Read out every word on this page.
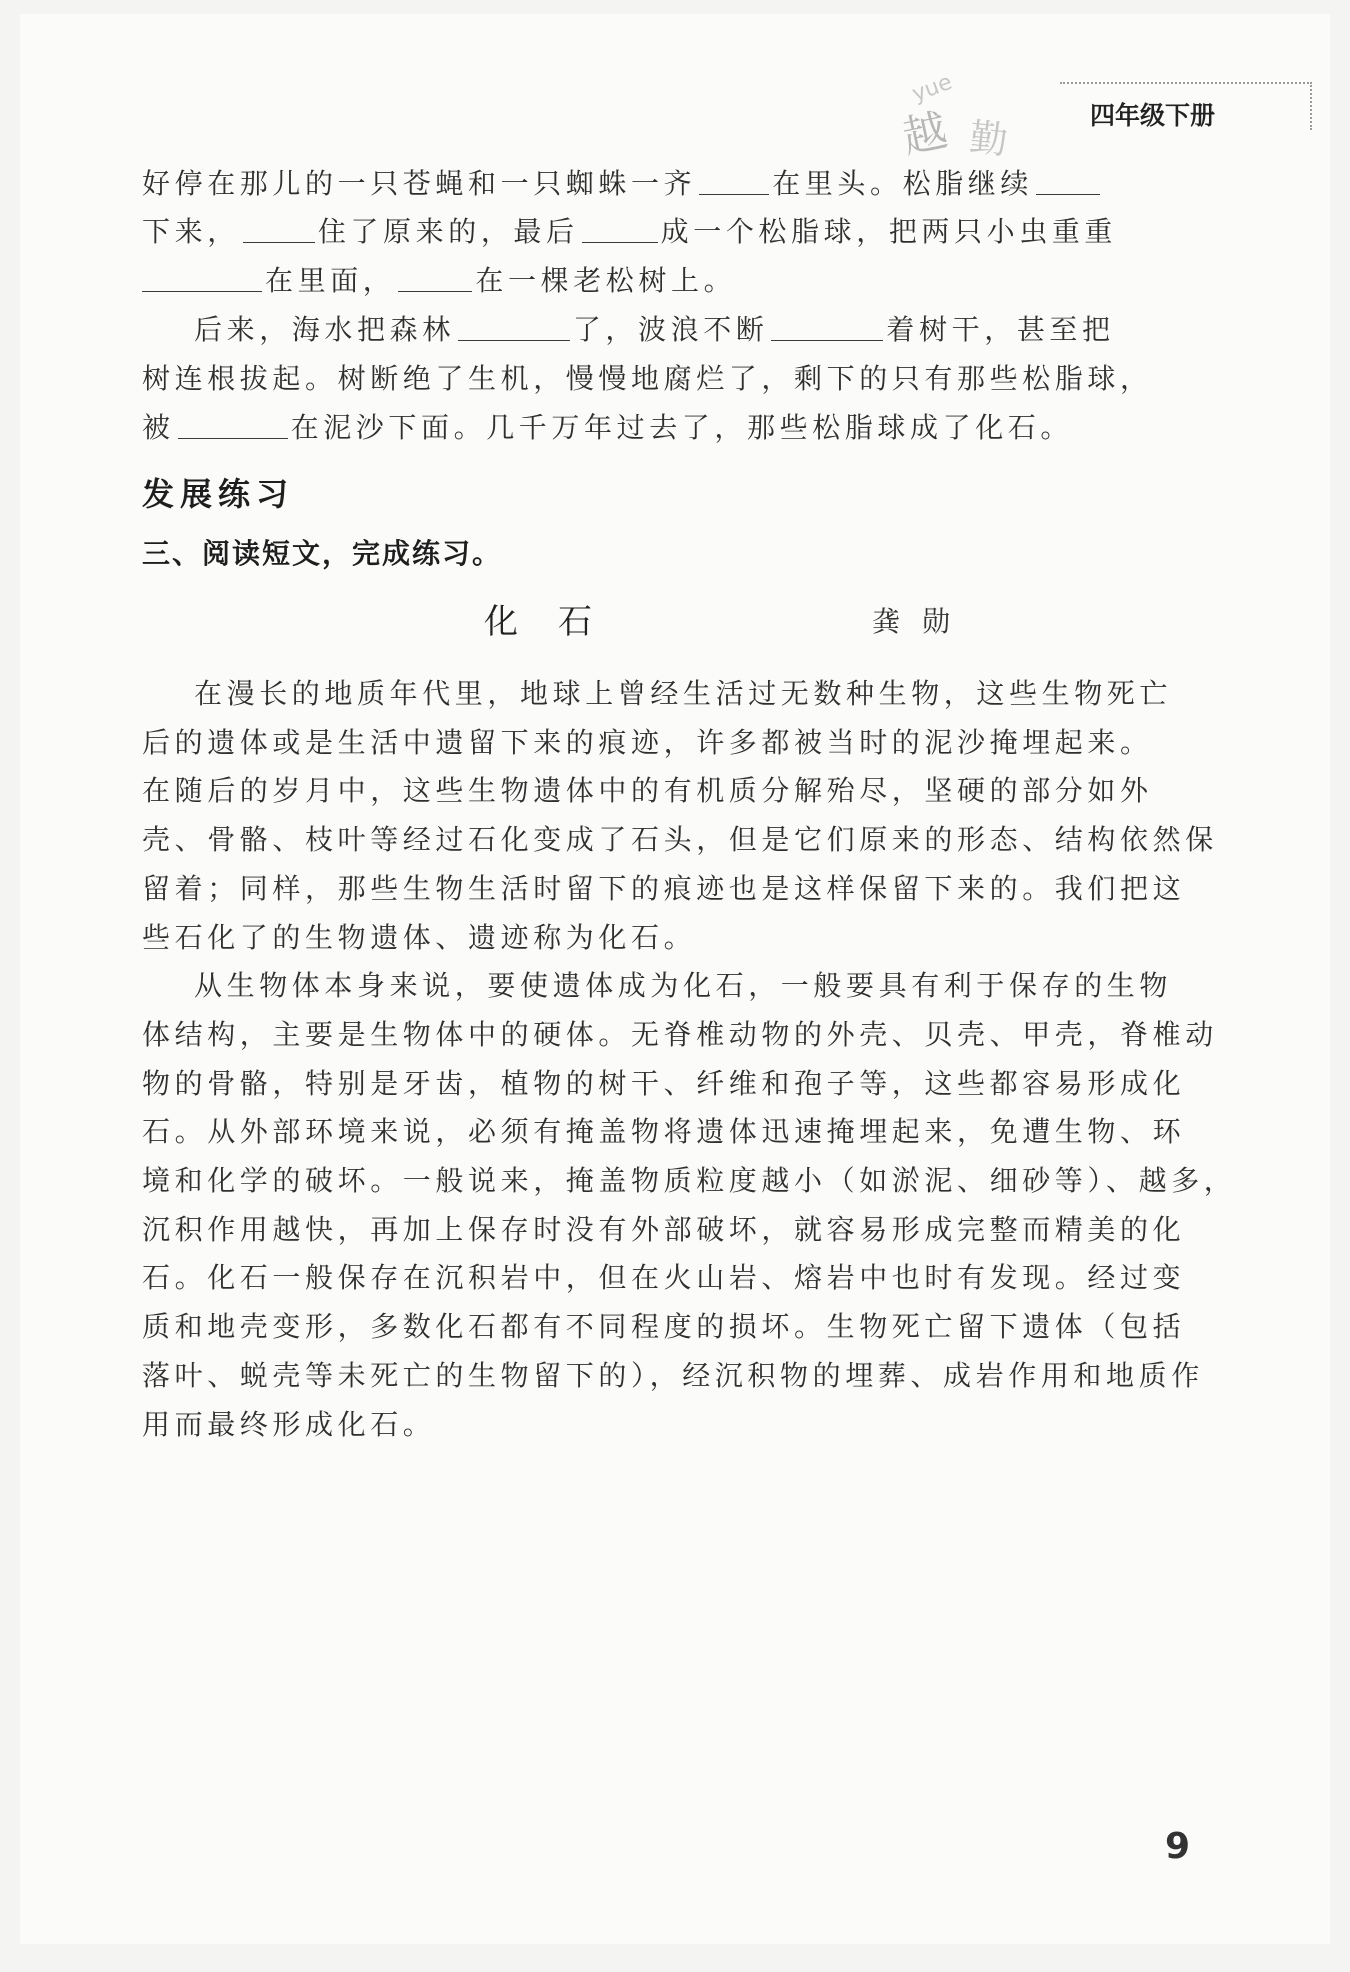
yue
越 勤	四年级下册
好停在那儿的一只苍蝇和一只蜘蛛一齐	在里头。松脂继续
下来，	住了原来的，最后	成一个松脂球，把两只小虫重重
在里面，	在一棵老松树上。
后来，海水把森林	了，波浪不断	着树干，甚至把
树连根拔起。树断绝了生机，慢慢地腐烂了，剩下的只有那些松脂球，
被	在泥沙下面。几千万年过去了，那些松脂球成了化石。
发展练习
三、阅读短文，完成练习。
化石	龚勋
在漫长的地质年代里，地球上曾经生活过无数种生物，这些生物死亡
后的遗体或是生活中遗留下来的痕迹，许多都被当时的泥沙掩埋起来。
在随后的岁月中，这些生物遗体中的有机质分解殆尽，坚硬的部分如外
壳、骨骼、枝叶等经过石化变成了石头，但是它们原来的形态、结构依然保
留着；同样，那些生物生活时留下的痕迹也是这样保留下来的。我们把这
些石化了的生物遗体、遗迹称为化石。
从生物体本身来说，要使遗体成为化石，一般要具有利于保存的生物
体结构，主要是生物体中的硬体。无脊椎动物的外壳、贝壳、甲壳，脊椎动
物的骨骼，特别是牙齿，植物的树干、纤维和孢子等，这些都容易形成化
石。从外部环境来说，必须有掩盖物将遗体迅速掩埋起来，免遭生物、环
境和化学的破坏。一般说来，掩盖物质粒度越小（如淤泥、细砂等）、越多，
沉积作用越快，再加上保存时没有外部破坏，就容易形成完整而精美的化
石。化石一般保存在沉积岩中，但在火山岩、熔岩中也时有发现。经过变
质和地壳变形，多数化石都有不同程度的损坏。生物死亡留下遗体（包括
落叶、蜕壳等未死亡的生物留下的），经沉积物的埋葬、成岩作用和地质作
用而最终形成化石。
9
